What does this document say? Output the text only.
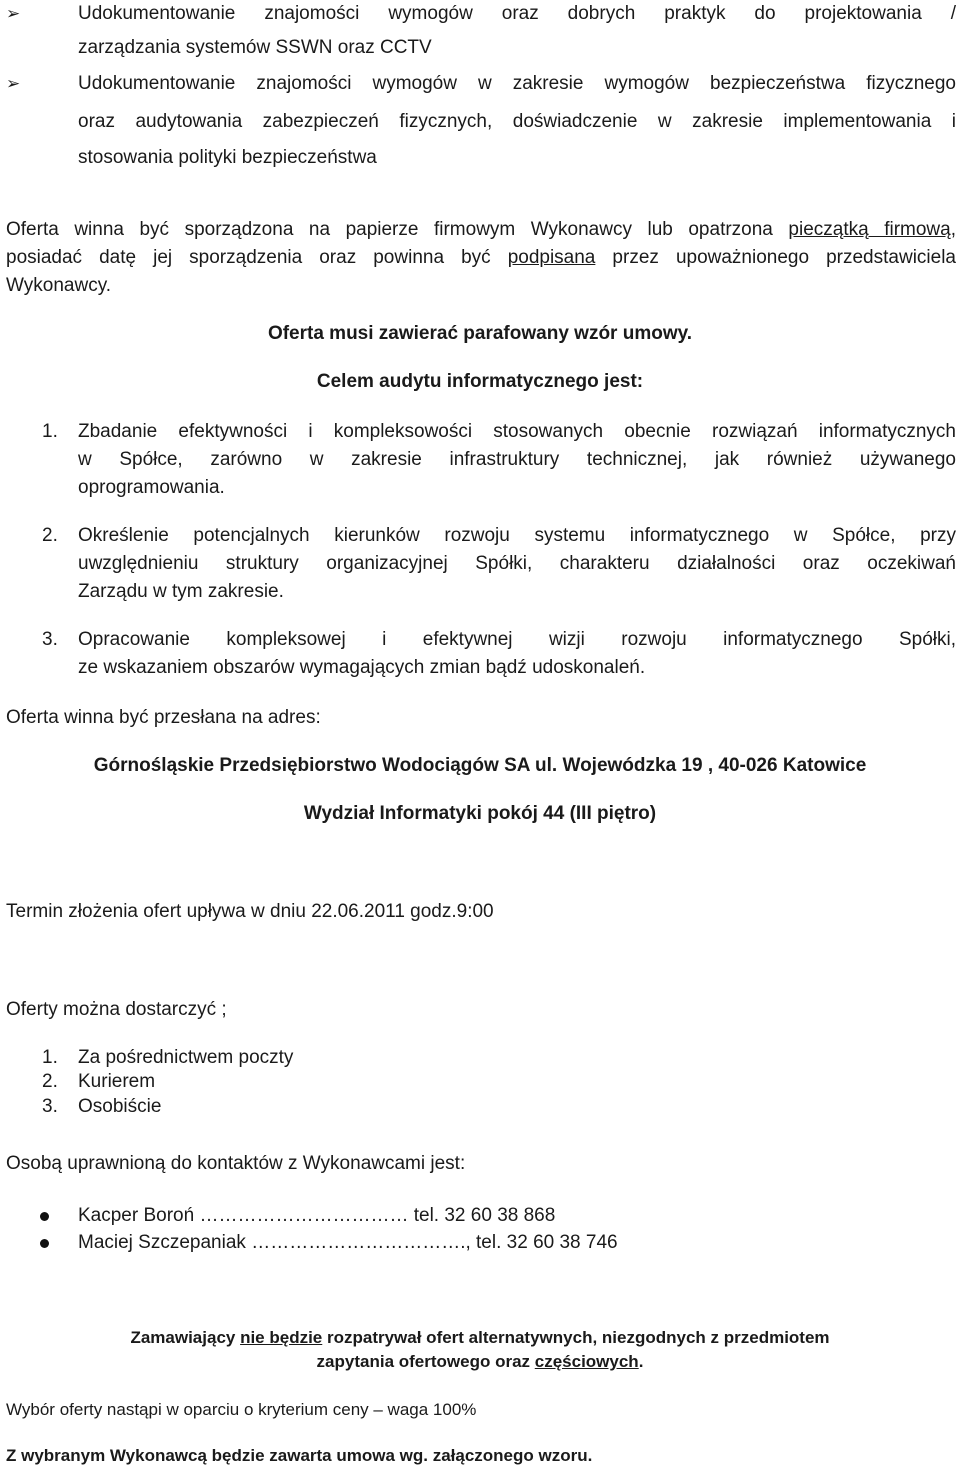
➢	Udokumentowanie znajomości wymogów oraz dobrych praktyk do projektowania /
zarządzania systemów SSWN oraz CCTV
➢	Udokumentowanie znajomości wymogów w zakresie wymogów bezpieczeństwa fizycznego
oraz audytowania zabezpieczeń fizycznych, doświadczenie w zakresie implementowania i
stosowania polityki bezpieczeństwa
Oferta winna być sporządzona na papierze firmowym Wykonawcy lub opatrzona pieczątką firmową,
posiadać datę jej sporządzenia oraz powinna być podpisana przez upoważnionego przedstawiciela
Wykonawcy.
Oferta musi zawierać parafowany wzór umowy.
Celem audytu informatycznego jest:
1. Zbadanie efektywności i kompleksowości stosowanych obecnie rozwiązań informatycznych
w Spółce, zarówno w zakresie infrastruktury technicznej, jak również używanego
oprogramowania.
2. Określenie potencjalnych kierunków rozwoju systemu informatycznego w Spółce, przy
uwzględnieniu struktury organizacyjnej Spółki, charakteru działalności oraz oczekiwań
Zarządu w tym zakresie.
3. Opracowanie kompleksowej i efektywnej wizji rozwoju informatycznego Spółki,
ze wskazaniem obszarów wymagających zmian bądź udoskonaleń.
Oferta winna być przesłana na adres:
Górnośląskie Przedsiębiorstwo Wodociągów SA ul. Wojewódzka 19 , 40-026 Katowice
Wydział Informatyki pokój 44 (III piętro)
Termin złożenia ofert upływa w dniu 22.06.2011 godz.9:00
Oferty można dostarczyć ;
1. Za pośrednictwem poczty
2. Kurierem
3. Osobiście
Osobą uprawnioną do kontaktów z Wykonawcami jest:
Kacper Boroń …………………………… tel. 32 60 38 868
Maciej Szczepaniak ……………………………., tel. 32 60 38 746
Zamawiający nie będzie rozpatrywał ofert alternatywnych, niezgodnych z przedmiotem
zapytania ofertowego oraz częściowych.
Wybór oferty nastąpi w oparciu o kryterium ceny – waga 100%
Z wybranym Wykonawcą będzie zawarta umowa wg. załączonego wzoru.
